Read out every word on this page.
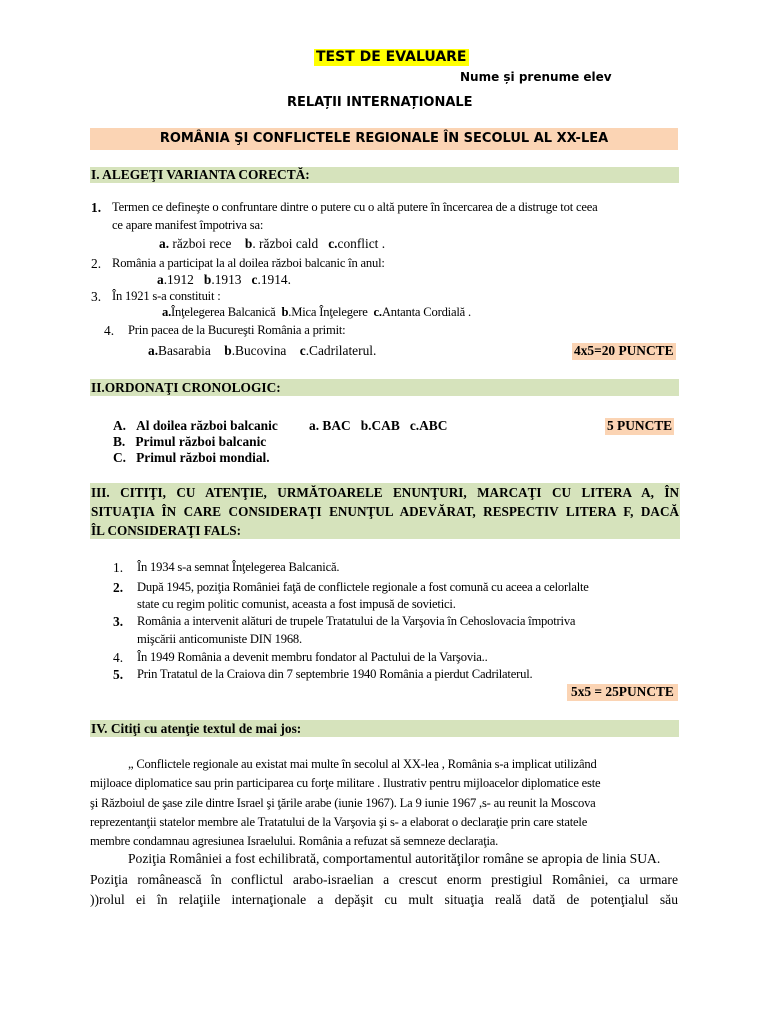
TEST DE EVALUARE
Nume și prenume elev
RELAȚII INTERNAȚIONALE
ROMÂNIA ŞI CONFLICTELE REGIONALE ÎN SECOLUL AL XX-LEA
I. ALEGEŢI VARIANTA CORECTĂ:
1. Termen ce defineşte o confruntare dintre o putere cu o altă putere în încercarea de a distruge tot ceea
ce apare manifest împotriva sa:
a. război rece b. război cald c.conflict .
2. România a participat la al doilea război balcanic în anul:
a.1912 b.1913 c.1914.
3. În 1921 s-a constituit :
a.Înţelegerea Balcanică b.Mica Înţelegere c.Antanta Cordială .
4. Prin pacea de la Bucureşti România a primit:
a.Basarabia b.Bucovina c.Cadrilaterul.	4x5=20 PUNCTE
II.ORDONAŢI CRONOLOGIC:
A. Al doilea război balcanic
B. Primul război balcanic
C. Primul război mondial.
a. BAC   b.CAB   c.ABC	5 PUNCTE
III. CITIŢI, CU ATENŢIE, URMĂTOARELE ENUNŢURI, MARCAŢI CU LITERA A, ÎN
SITUAŢIA ÎN CARE CONSIDERAŢI ENUNŢUL ADEVĂRAT, RESPECTIV LITERA F, DACĂ
ÎL CONSIDERAŢI FALS:
1. În 1934 s-a semnat Înţelegerea Balcanică.
2. După 1945, poziţia României faţă de conflictele regionale a fost comună cu aceea a celorlalte
state cu regim politic comunist, aceasta a fost impusă de sovietici.
3. România a intervenit alături de trupele Tratatului de la Varşovia în Cehoslovacia împotriva
mişcării anticomuniste DIN 1968.
4. În 1949 România a devenit membru fondator al Pactului de la Varşovia..
5. Prin Tratatul de la Craiova din 7 septembrie 1940 România a pierdut Cadrilaterul.
5x5 = 25PUNCTE
IV. Citiţi cu atenţie textul de mai jos:
„ Conflictele regionale au existat mai multe în secolul al XX-lea , România s-a implicat utilizând
mijloace diplomatice sau prin participarea cu forţe militare . Ilustrativ pentru mijloacelor diplomatice este
şi Războiul de şase zile dintre Israel şi ţările arabe (iunie 1967). La 9 iunie 1967 ,s- au reunit la Moscova
reprezentanţii statelor membre ale Tratatului de la Varşovia şi s- a elaborat o declaraţie prin care statele
membre condamnau agresiunea Israelului. România a refuzat să semneze declaraţia.
Poziţia României a fost echilibrată, comportamentul autorităţilor române se apropia de linia SUA.
Poziţia românească în conflictul arabo-israelian a crescut enorm prestigiul României, ca urmare
))rolul ei în relaţiile internaţionale a depăşit cu mult situaţia reală dată de potenţialul său
